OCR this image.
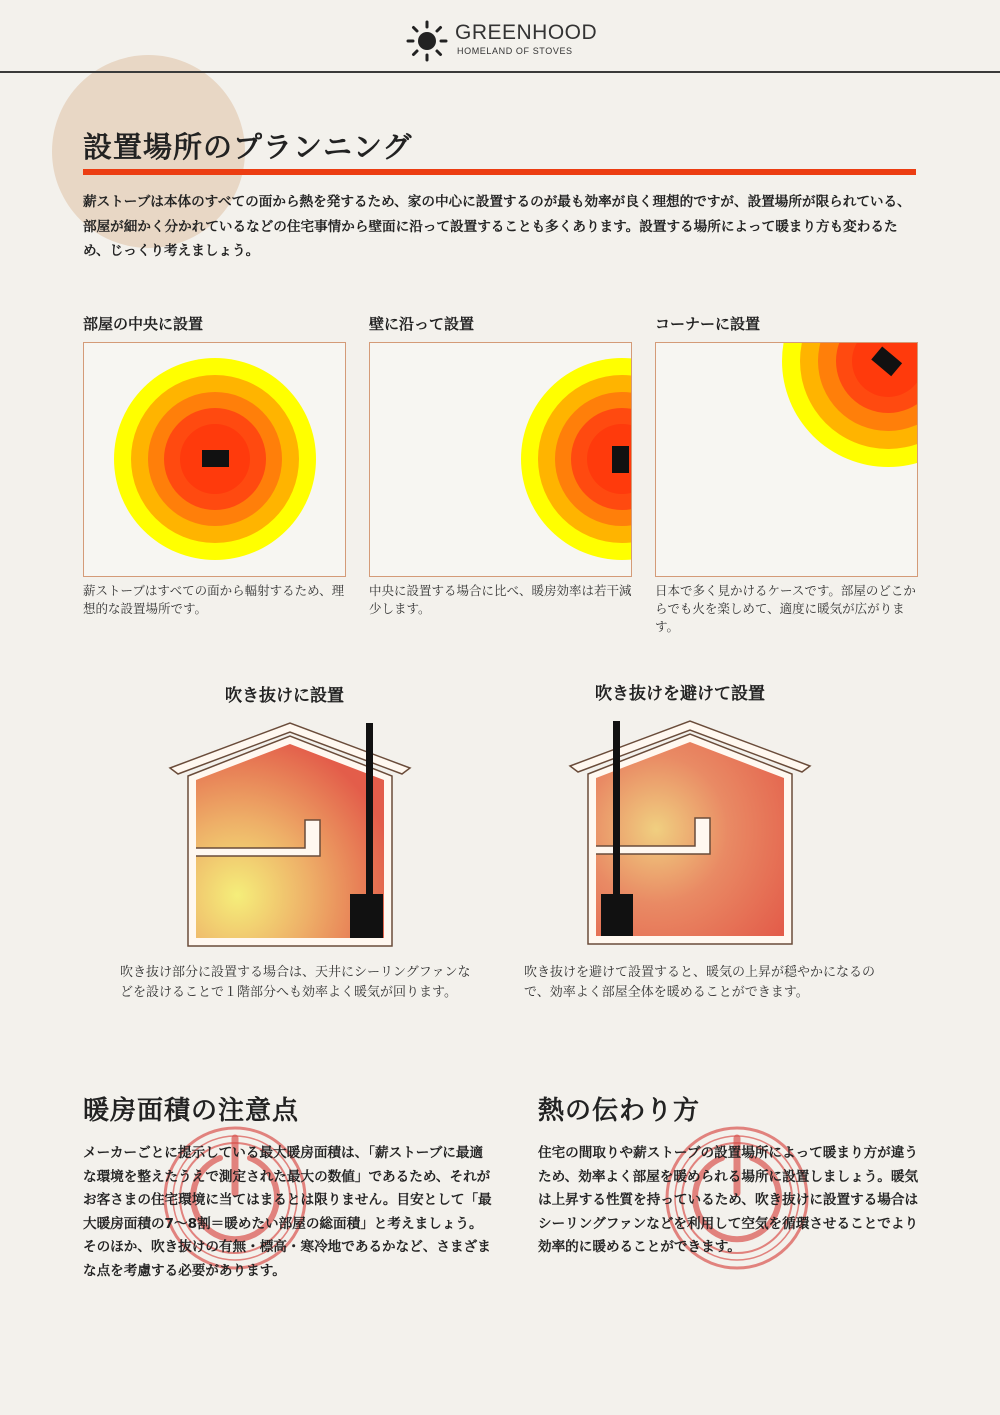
GREENHOOD
HOMELAND OF STOVES
設置場所のプランニング
薪ストーブは本体のすべての面から熱を発するため、家の中心に設置するのが最も効率が良く理想的ですが、設置場所が限られている、部屋が細かく分かれているなどの住宅事情から壁面に沿って設置することも多くあります。設置する場所によって暖まり方も変わるため、じっくり考えましょう。
部屋の中央に設置	壁に沿って設置	コーナーに設置
薪ストーブはすべての面から輻射するため、理想的な設置場所です。
中央に設置する場合に比べ、暖房効率は若干減少します。
日本で多く見かけるケースです。部屋のどこからでも火を楽しめて、適度に暖気が広がります。
吹き抜けに設置	吹き抜けを避けて設置
吹き抜け部分に設置する場合は、天井にシーリングファンなどを設けることで１階部分へも効率よく暖気が回ります。
吹き抜けを避けて設置すると、暖気の上昇が穏やかになるので、効率よく部屋全体を暖めることができます。
暖房面積の注意点
メーカーごとに提示している最大暖房面積は、「薪ストーブに最適な環境を整えたうえで測定された最大の数値」であるため、それがお客さまの住宅環境に当てはまるとは限りません。目安として「最大暖房面積の7〜8割＝暖めたい部屋の総面積」と考えましょう。そのほか、吹き抜けの有無・標高・寒冷地であるかなど、さまざまな点を考慮する必要があります。
熱の伝わり方
住宅の間取りや薪ストーブの設置場所によって暖まり方が違うため、効率よく部屋を暖められる場所に設置しましょう。暖気は上昇する性質を持っているため、吹き抜けに設置する場合はシーリングファンなどを利用して空気を循環させることでより効率的に暖めることができます。
